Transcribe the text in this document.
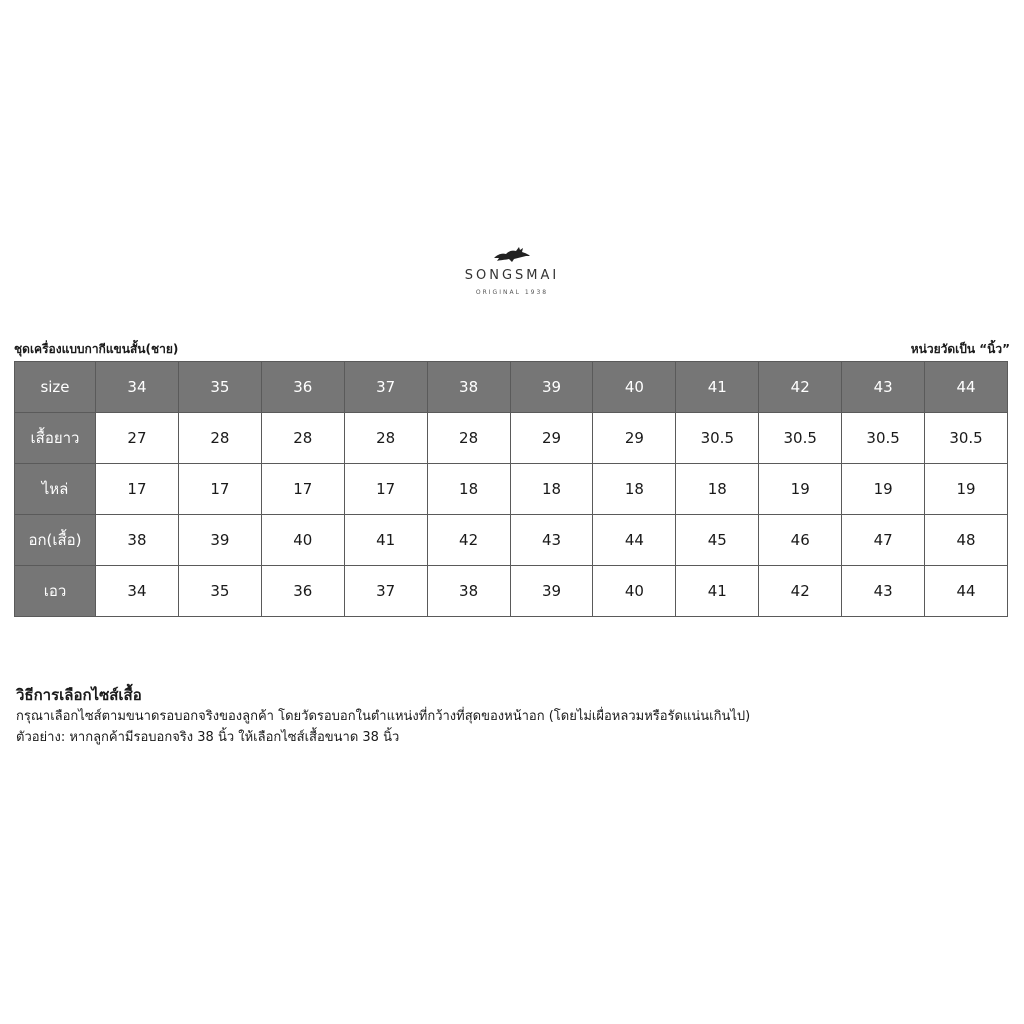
SONGSMAI
ORIGINAL 1938
ชุดเครื่องแบบกากีแขนสั้น(ชาย)	หน่วยวัดเป็น “นิ้ว”
size	34	35	36	37	38	39	40	41	42	43	44
เสื้อยาว	27	28	28	28	28	29	29	30.5	30.5	30.5	30.5
ไหล่	17	17	17	17	18	18	18	18	19	19	19
อก(เสื้อ)	38	39	40	41	42	43	44	45	46	47	48
เอว	34	35	36	37	38	39	40	41	42	43	44
วิธีการเลือกไซส์เสื้อ
กรุณาเลือกไซส์ตามขนาดรอบอกจริงของลูกค้า โดยวัดรอบอกในตำแหน่งที่กว้างที่สุดของหน้าอก (โดยไม่เผื่อหลวมหรือรัดแน่นเกินไป)
ตัวอย่าง: หากลูกค้ามีรอบอกจริง 38 นิ้ว ให้เลือกไซส์เสื้อขนาด 38 นิ้ว
